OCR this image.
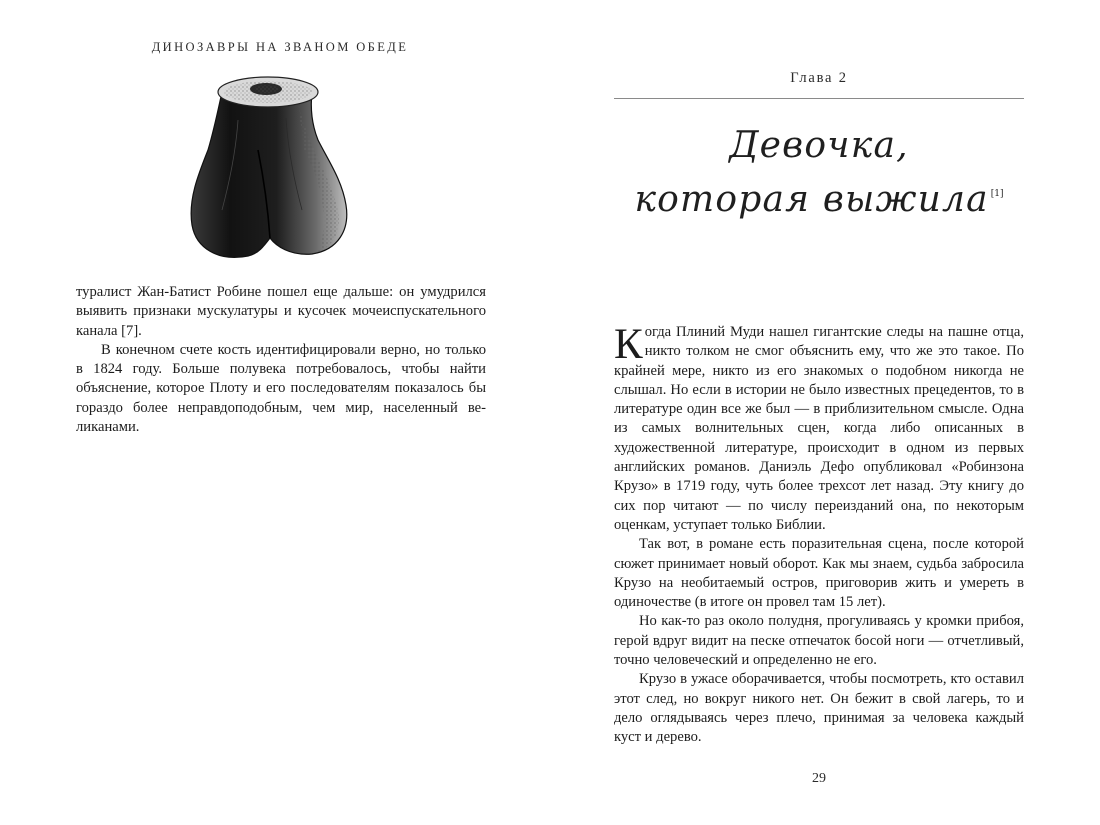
ДИНОЗАВРЫ НА ЗВАНОМ ОБЕДЕ

туралист Жан-Батист Робине пошел еще дальше: он умудрился выявить признаки мускулатуры и кусочек мочеиспускательного канала [7].

В конечном счете кость идентифицировали верно, но только в 1824 году. Больше полувека потребовалось, чтобы найти объяснение, которое Плоту и его последователям показалось бы гораздо более неправдоподобным, чем мир, населенный великанами.

Глава 2
Девочка,
которая выжила [1]

Когда Плиний Муди нашел гигантские следы на пашне отца, никто толком не смог объяснить ему, что же это такое. По крайней мере, никто из его знакомых о подобном никогда не слышал. Но если в истории не было известных прецедентов, то в литературе один все же был — в приблизительном смысле. Одна из самых волнительных сцен, когда либо описанных в художественной литературе, происходит в одном из первых английских романов. Даниэль Дефо опубликовал «Робинзона Крузо» в 1719 году, чуть более трехсот лет назад. Эту книгу до сих пор читают — по числу переизданий она, по некоторым оценкам, уступает только Библии.

Так вот, в романе есть поразительная сцена, после которой сюжет принимает новый оборот. Как мы знаем, судьба забросила Крузо на необитаемый остров, приговорив жить и умереть в одиночестве (в итоге он провел там 15 лет).

Но как-то раз около полудня, прогуливаясь у кромки прибоя, герой вдруг видит на песке отпечаток босой ноги — отчетливый, точно человеческий и определенно не его.

Крузо в ужасе оборачивается, чтобы посмотреть, кто оставил этот след, но вокруг никого нет. Он бежит в свой лагерь, то и дело оглядываясь через плечо, принимая за человека каждый куст и дерево.

29
